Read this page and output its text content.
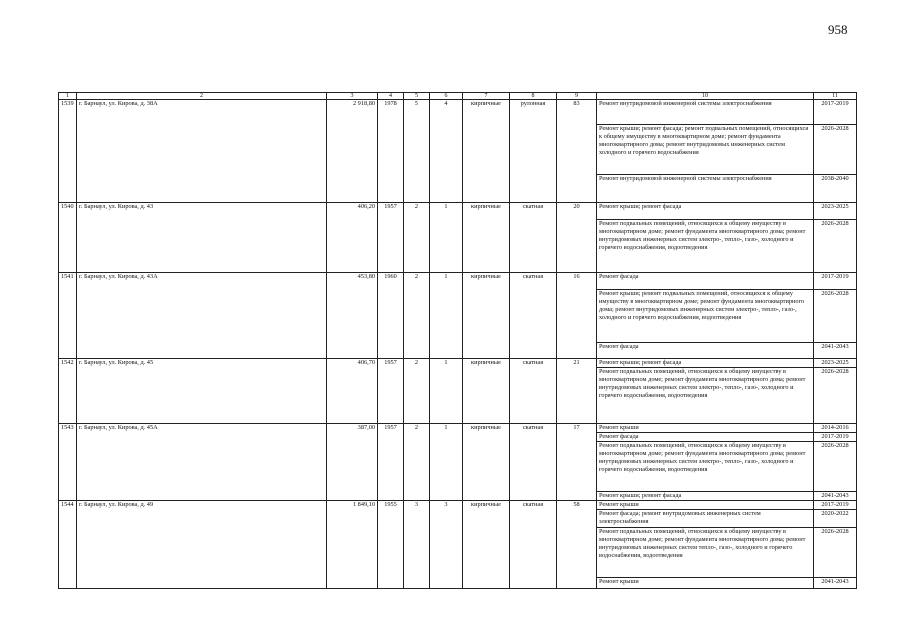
958
1	2	3	4	5	6	7	8	9	10	11
1539	г. Барнаул, ул. Кирова, д. 38А	2 918,80	1978	5	4	кирпичные	рулонная	83	Ремонт внутридомовой инженерной системы электроснабжения	2017-2019
									Ремонт крыши; ремонт фасада; ремонт подвальных помещений, относящихся к общему имуществу в многоквартирном доме; ремонт фундамента многоквартирного дома; ремонт внутридомовых инженерных систем холодного и горячего водоснабжения	2026-2028
									Ремонт внутридомовой инженерной системы электроснабжения	2038-2040
1540	г. Барнаул, ул. Кирова, д. 43	406,20	1957	2	1	кирпичные	скатная	20	Ремонт крыши; ремонт фасада	2023-2025
									Ремонт подвальных помещений, относящихся к общему имуществу в многоквартирном доме; ремонт фундамента многоквартирного дома; ремонт внутридомовых инженерных систем электро-, тепло-, газо-, холодного и горячего водоснабжения, водоотведения	2026-2028
1541	г. Барнаул, ул. Кирова, д. 43А	453,80	1960	2	1	кирпичные	скатная	16	Ремонт фасада	2017-2019
									Ремонт крыши; ремонт подвальных помещений, относящихся к общему имуществу в многоквартирном доме; ремонт фундамента многоквартирного дома; ремонт внутридомовых инженерных систем электро-, тепло-, газо-, холодного и горячего водоснабжения, водоотведения	2026-2028
									Ремонт фасада	2041-2043
1542	г. Барнаул, ул. Кирова, д. 45	406,70	1957	2	1	кирпичные	скатная	21	Ремонт крыши; ремонт фасада	2023-2025
									Ремонт подвальных помещений, относящихся к общему имуществу в многоквартирном доме; ремонт фундамента многоквартирного дома; ремонт внутридомовых инженерных систем электро-, тепло-, газо-, холодного и горячего водоснабжения, водоотведения	2026-2028
1543	г. Барнаул, ул. Кирова, д. 45А	387,00	1957	2	1	кирпичные	скатная	17	Ремонт крыши	2014-2016
									Ремонт фасада	2017-2019
									Ремонт подвальных помещений, относящихся к общему имуществу в многоквартирном доме; ремонт фундамента многоквартирного дома; ремонт внутридомовых инженерных систем электро-, тепло-, газо-, холодного и горячего водоснабжения, водоотведения	2026-2028
									Ремонт крыши; ремонт фасада	2041-2043
1544	г. Барнаул, ул. Кирова, д. 49	1 849,10	1955	3	3	кирпичные	скатная	58	Ремонт крыши	2017-2019
									Ремонт фасада; ремонт внутридомовых инженерных систем электроснабжения	2020-2022
									Ремонт подвальных помещений, относящихся к общему имуществу в многоквартирном доме; ремонт фундамента многоквартирного дома; ремонт внутридомовых инженерных систем тепло-, газо-, холодного и горячего водоснабжения, водоотведения	2026-2028
									Ремонт крыши	2041-2043
